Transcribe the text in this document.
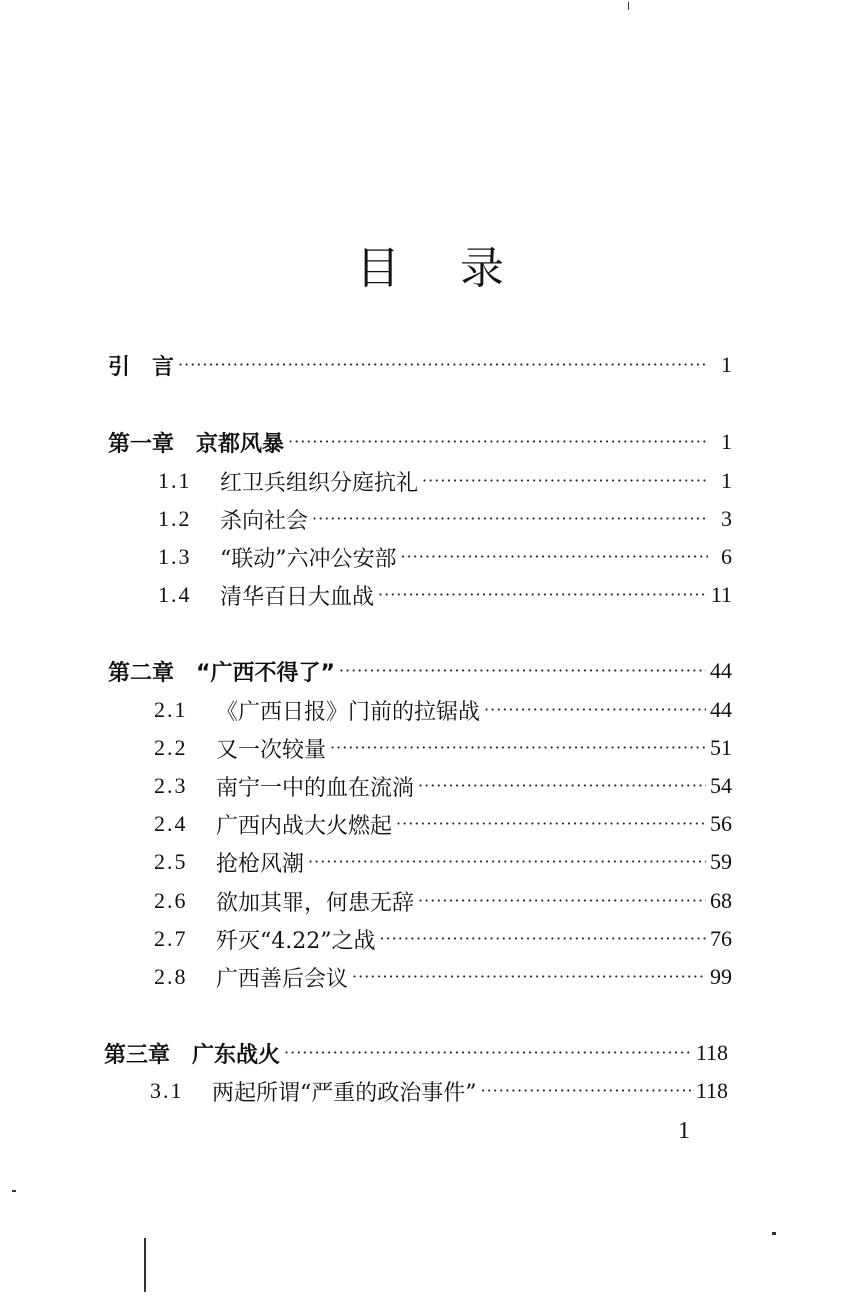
目 录
引　言 ·····	1
第一章　京都风暴 ·····	1
1.1	红卫兵组织分庭抗礼 ·····	1
1.2	杀向社会 ·····	3
1.3	“联动”六冲公安部 ·····	6
1.4	清华百日大血战 ·····	11
第二章　“广西不得了” ·····	44
2.1	《广西日报》门前的拉锯战 ·····	44
2.2	又一次较量 ·····	51
2.3	南宁一中的血在流淌 ·····	54
2.4	广西内战大火燃起 ·····	56
2.5	抢枪风潮 ·····	59
2.6	欲加其罪，何患无辞 ·····	68
2.7	歼灭“4.22”之战 ·····	76
2.8	广西善后会议 ·····	99
第三章　广东战火 ·····	118
3.1	两起所谓“严重的政治事件” ·····	118
1
